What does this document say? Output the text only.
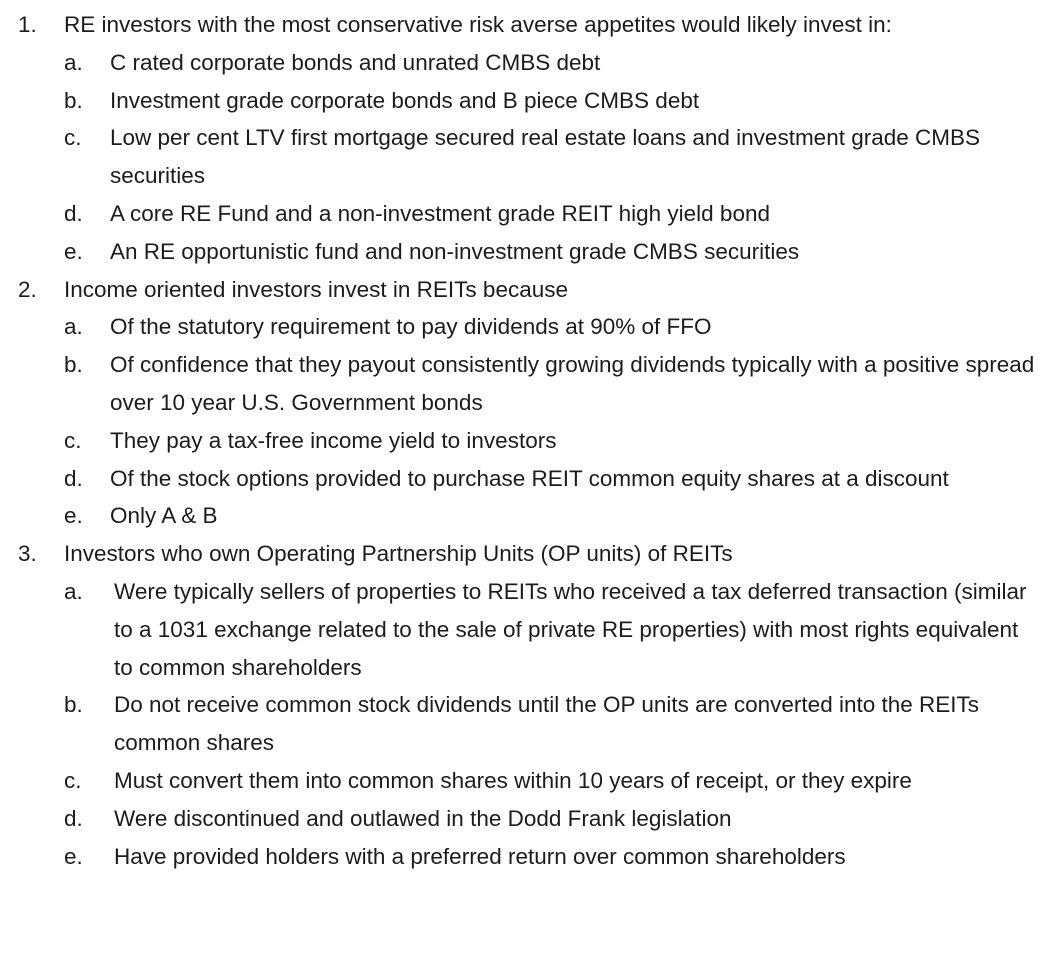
1. RE investors with the most conservative risk averse appetites would likely invest in:
a. C rated corporate bonds and unrated CMBS debt
b. Investment grade corporate bonds and B piece CMBS debt
c. Low per cent LTV first mortgage secured real estate loans and investment grade CMBS securities
d. A core RE Fund and a non-investment grade REIT high yield bond
e. An RE opportunistic fund and non-investment grade CMBS securities
2. Income oriented investors invest in REITs because
a. Of the statutory requirement to pay dividends at 90% of FFO
b. Of confidence that they payout consistently growing dividends typically with a positive spread over 10 year U.S. Government bonds
c. They pay a tax-free income yield to investors
d. Of the stock options provided to purchase REIT common equity shares at a discount
e. Only A & B
3. Investors who own Operating Partnership Units (OP units) of REITs
a. Were typically sellers of properties to REITs who received a tax deferred transaction (similar to a 1031 exchange related to the sale of private RE properties) with most rights equivalent to common shareholders
b. Do not receive common stock dividends until the OP units are converted into the REITs common shares
c. Must convert them into common shares within 10 years of receipt, or they expire
d. Were discontinued and outlawed in the Dodd Frank legislation
e. Have provided holders with a preferred return over common shareholders
